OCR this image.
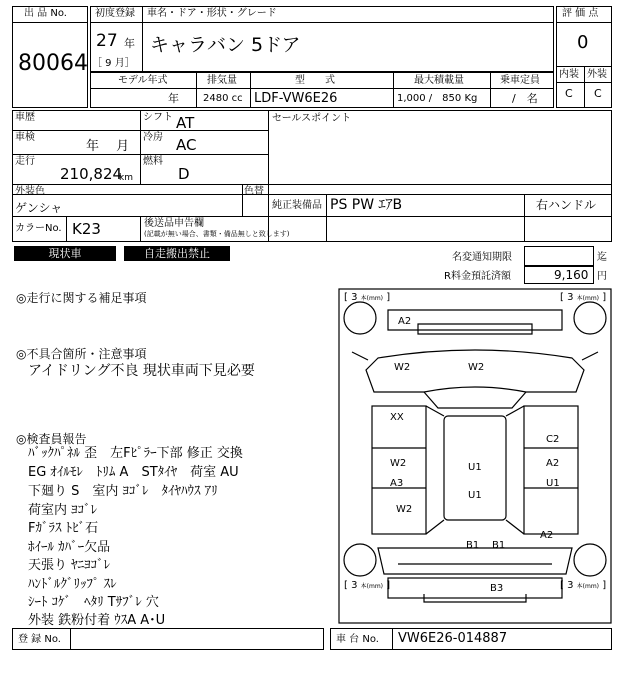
出 品 No.
80064
初度登録 車名・ドア・形状・グレード
27 年
［ 9 月］
キャラバン 5ドア
評 価 点
0
内装 外装
C C
モデル年式	排気量	型　　式	最大積載量	乗車定員
年 2480 cc LDF-VW6E26	1,000 /　850 Kg	/　名
車歴
車検
年　 月
走行
210,824
km
シフト AT
冷房 AC
燃料
D
セールスポイント
外装色
ゲンシャ
色替
純正装備品 PS PW ｴｱB	右ハンドル
カラーNo. K23	後送品申告欄
(記載が無い場合、書類・備品無しと致します)
現状車	自走搬出禁止	名変通知期限	迄
R料金預託済額	9,160 円
◎走行に関する補足事項
◎不具合箇所・注意事項
アイドリング不良 現状車両下見必要
◎検査員報告
ﾊﾞｯｸﾊﾟﾈﾙ 歪　左Fﾋﾟﾗｰ下部 修正 交換
EG ｵｲﾙﾓﾚ　ﾄﾘﾑ A　STﾀｲﾔ　荷室 AU
下廻り S　室内 ﾖｺﾞﾚ　ﾀｲﾔﾊｳｽ ｱﾘ
荷室内 ﾖｺﾞﾚ
Fｶﾞﾗｽ ﾄﾋﾞ石
ﾎｲｰﾙ ｶﾊﾞｰ欠品
天張り ﾔﾆﾖｺﾞﾚ
ﾊﾝﾄﾞﾙｸﾞﾘｯﾌﾟ ｽﾚ
ｼｰﾄ ｺｹﾞ　ﾍﾀﾘ Tｻﾌﾞﾚ 穴
外装 鉄粉付着 ｳｽA A･U
[ 3 本(mm) ]	[ 3 本(mm) ]
[ 3 本(mm) ]	[ 3 本(mm) ]
A2
W2	W2
XX
C2
W2
A3
U1
U1
A2
U1
W2
A2
B1 B1
B3
登 録 No.	車 台 No. VW6E26-014887
